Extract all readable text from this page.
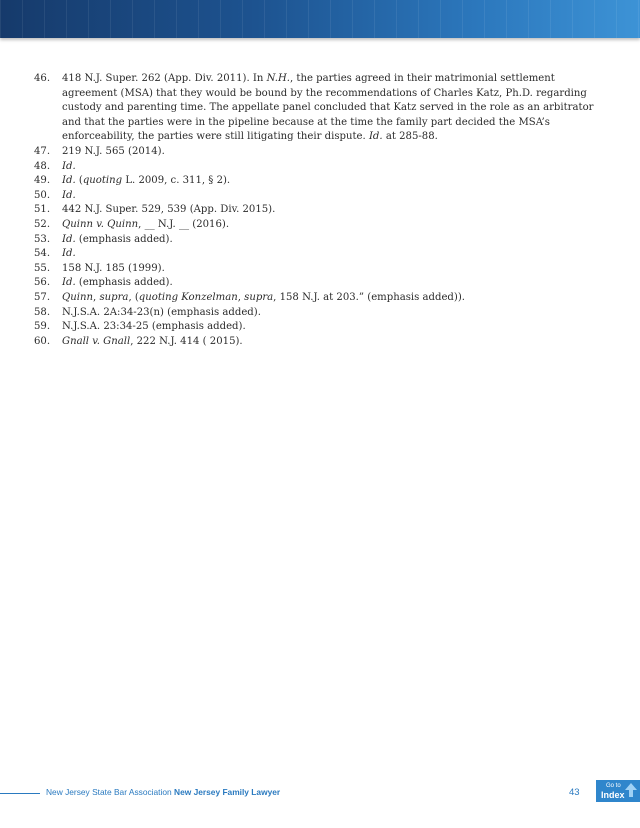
46.	418 N.J. Super. 262 (App. Div. 2011). In N.H., the parties agreed in their matrimonial settlement agreement (MSA) that they would be bound by the recommendations of Charles Katz, Ph.D. regarding custody and parenting time. The appellate panel concluded that Katz served in the role as an arbitrator and that the parties were in the pipeline because at the time the family part decided the MSA’s enforceability, the parties were still litigating their dispute. Id. at 285-88.
47.	219 N.J. 565 (2014).
48.	Id.
49.	Id. (quoting L. 2009, c. 311, § 2).
50.	Id.
51.	442 N.J. Super. 529, 539 (App. Div. 2015).
52.	Quinn v. Quinn, __ N.J. __ (2016).
53.	Id. (emphasis added).
54.	Id.
55.	158 N.J. 185 (1999).
56.	Id. (emphasis added).
57.	Quinn, supra, (quoting Konzelman, supra, 158 N.J. at 203.” (emphasis added)).
58.	N.J.S.A. 2A:34-23(n) (emphasis added).
59.	N.J.S.A. 23:34-25 (emphasis added).
60.	Gnall v. Gnall, 222 N.J. 414 ( 2015).
New Jersey State Bar Association New Jersey Family Lawyer	43
Go to
Index
